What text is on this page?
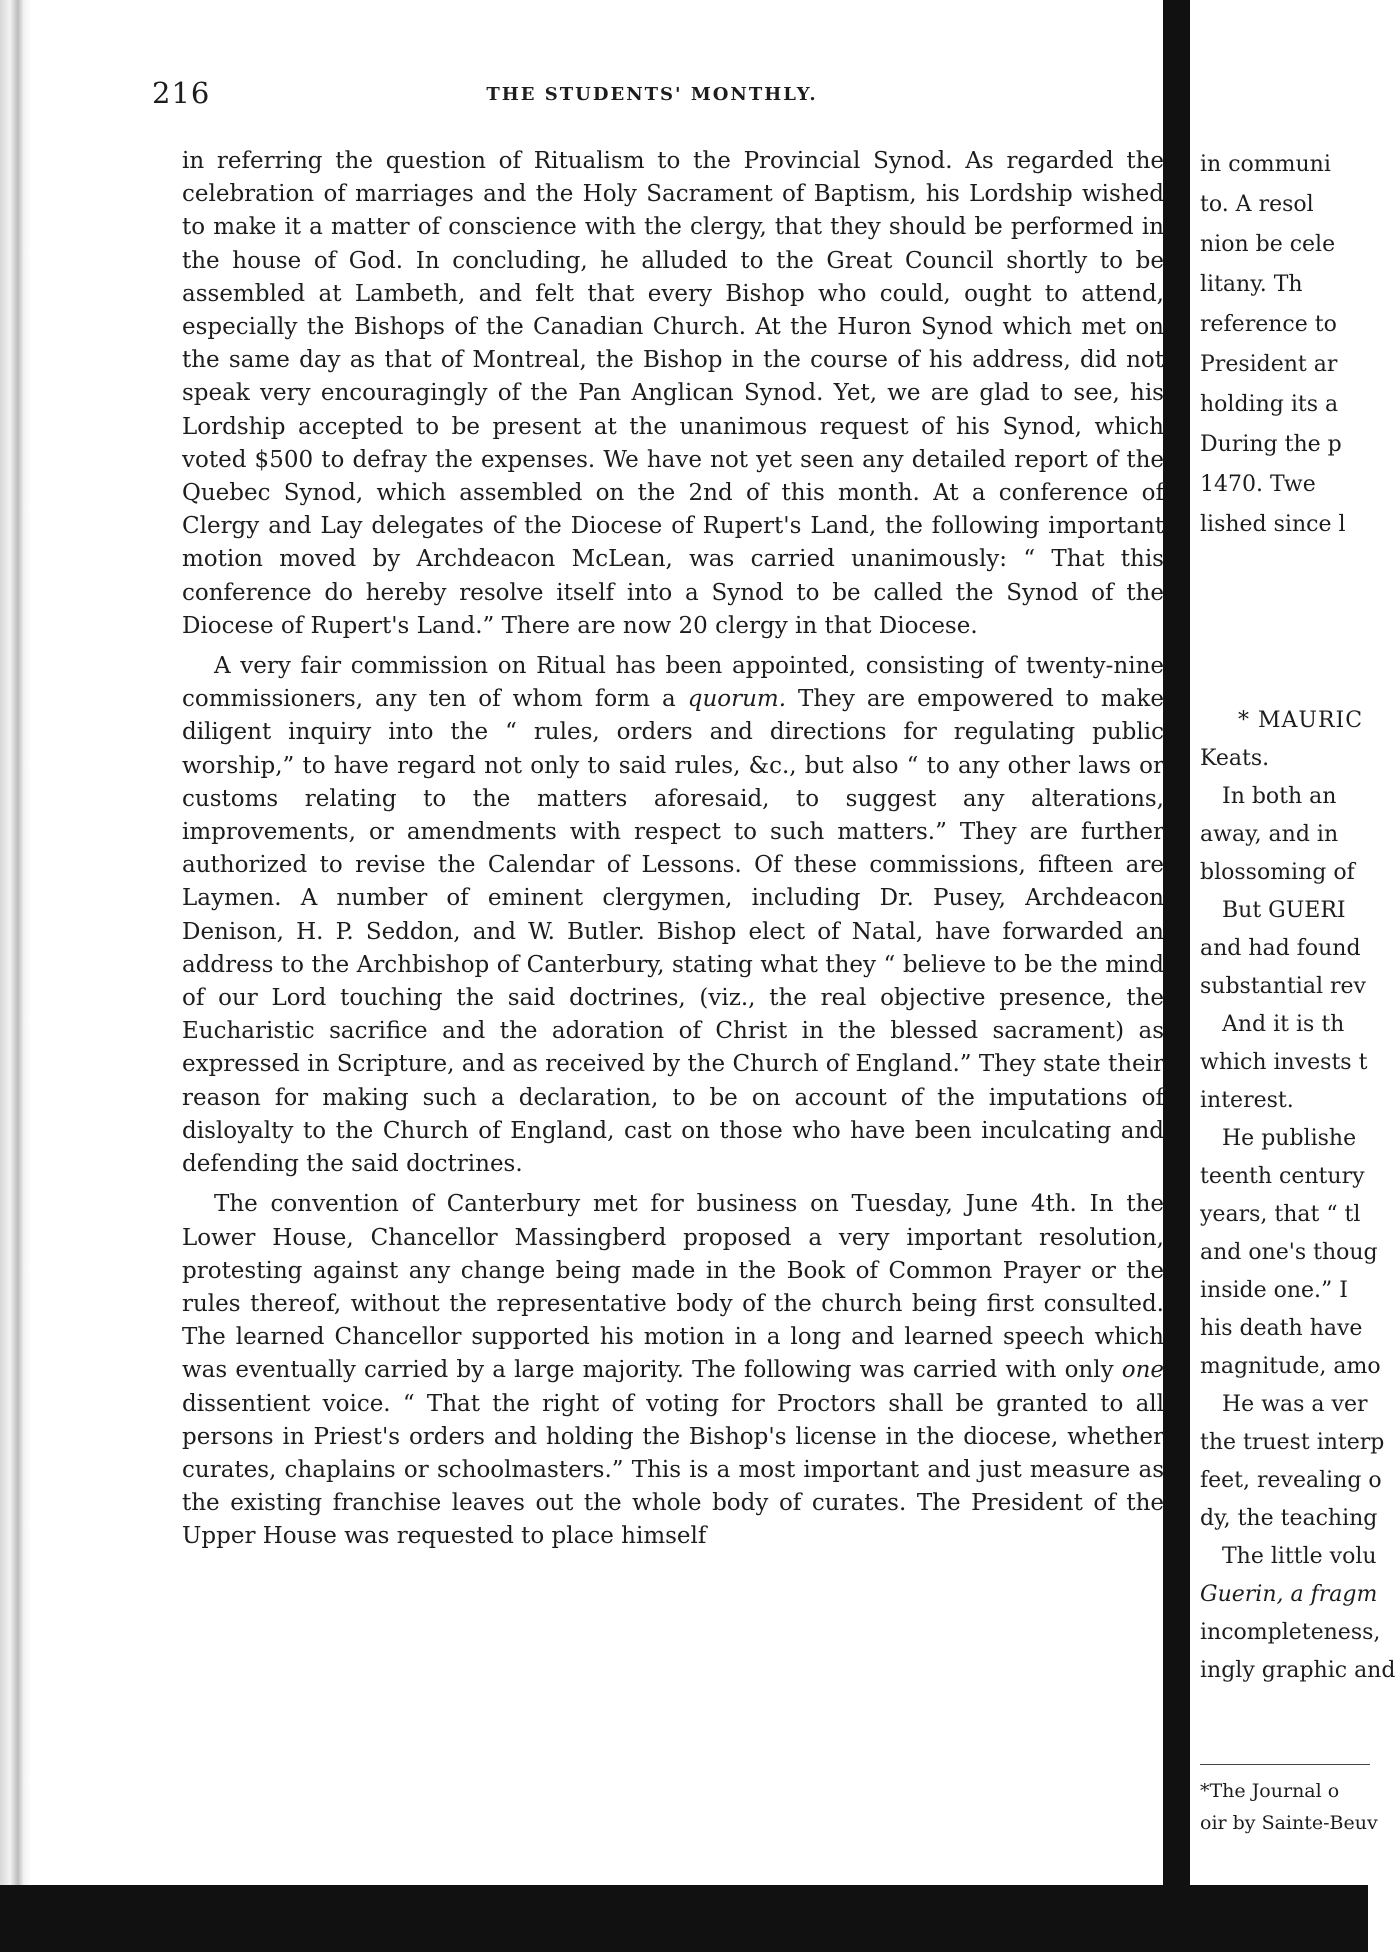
216	THE STUDENTS' MONTHLY.

in referring the question of Ritualism to the Provincial Synod. As regarded the celebration of marriages and the Holy Sacrament of Baptism, his Lordship wished to make it a matter of conscience with the clergy, that they should be performed in the house of God. In concluding, he alluded to the Great Council shortly to be assembled at Lambeth, and felt that every Bishop who could, ought to attend, especially the Bishops of the Canadian Church. At the Huron Synod which met on the same day as that of Montreal, the Bishop in the course of his address, did not speak very encouragingly of the Pan Anglican Synod. Yet, we are glad to see, his Lordship accepted to be present at the unanimous request of his Synod, which voted $500 to defray the expenses. We have not yet seen any detailed report of the Quebec Synod, which assembled on the 2nd of this month. At a conference of Clergy and Lay delegates of the Diocese of Rupert's Land, the following important motion moved by Archdeacon McLean, was carried unanimously: “ That this conference do hereby resolve itself into a Synod to be called the Synod of the Diocese of Rupert's Land.” There are now 20 clergy in that Diocese.

A very fair commission on Ritual has been appointed, consisting of twenty-nine commissioners, any ten of whom form a quorum. They are empowered to make diligent inquiry into the “ rules, orders and directions for regulating public worship,” to have regard not only to said rules, &c., but also “ to any other laws or customs relating to the matters aforesaid, to suggest any alterations, improvements, or amendments with respect to such matters.” They are further authorized to revise the Calendar of Lessons. Of these commissions, fifteen are Laymen. A number of eminent clergymen, including Dr. Pusey, Archdeacon Denison, H. P. Seddon, and W. Butler. Bishop elect of Natal, have forwarded an address to the Archbishop of Canterbury, stating what they “ believe to be the mind of our Lord touching the said doctrines, (viz., the real objective presence, the Eucharistic sacrifice and the adoration of Christ in the blessed sacrament) as expressed in Scripture, and as received by the Church of England.” They state their reason for making such a declaration, to be on account of the imputations of disloyalty to the Church of England, cast on those who have been inculcating and defending the said doctrines.

The convention of Canterbury met for business on Tuesday, June 4th. In the Lower House, Chancellor Massingberd proposed a very important resolution, protesting against any change being made in the Book of Common Prayer or the rules thereof, without the representative body of the church being first consulted. The learned Chancellor supported his motion in a long and learned speech which was eventually carried by a large majority. The following was carried with only one dissentient voice. “ That the right of voting for Proctors shall be granted to all persons in Priest's orders and holding the Bishop's license in the diocese, whether curates, chaplains or schoolmasters.” This is a most important and just measure as the existing franchise leaves out the whole body of curates. The President of the Upper House was requested to place himself

in communi
to. A resol
nion be cele
litany. Th
reference to
President ar
holding its a
During the p
1470. Twe
lished since l
* MAURIC
Keats.
In both an
away, and in
blossoming of
But GUERI
and had found
substantial rev
And it is th
which invests t
interest.
He publishe
teenth century
years, that “ tl
and one's thoug
inside one.” I
his death have
magnitude, amo
He was a ver
the truest interp
feet, revealing o
dy, the teaching
The little volu
Guerin, a fragm
incompleteness,
ingly graphic and
*The Journal o
oir by Sainte-Beuv
